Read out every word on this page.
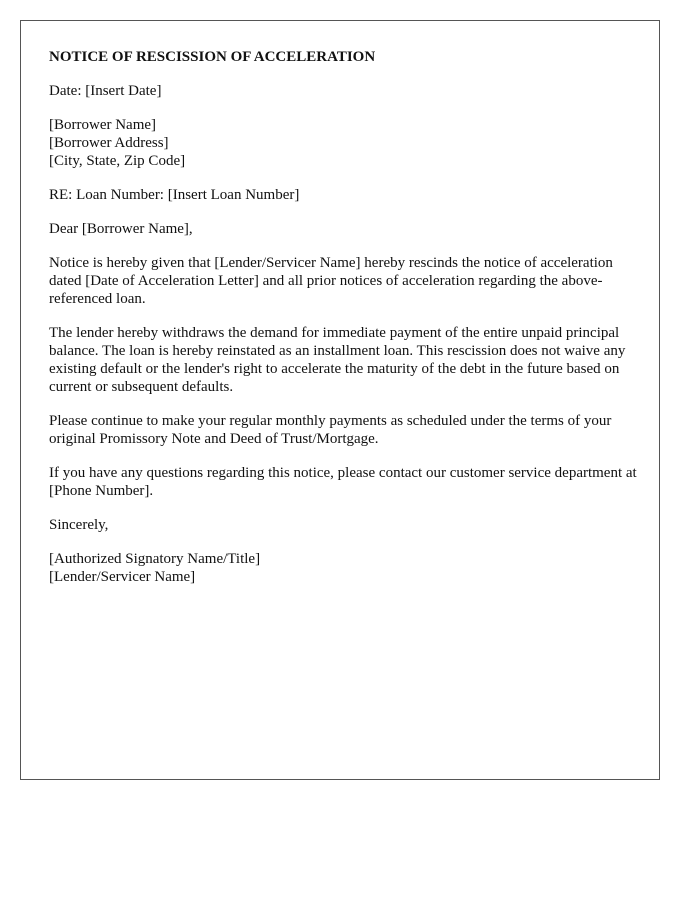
NOTICE OF RESCISSION OF ACCELERATION
Date: [Insert Date]
[Borrower Name]
[Borrower Address]
[City, State, Zip Code]
RE: Loan Number: [Insert Loan Number]
Dear [Borrower Name],
Notice is hereby given that [Lender/Servicer Name] hereby rescinds the notice of acceleration dated [Date of Acceleration Letter] and all prior notices of acceleration regarding the above-referenced loan.
The lender hereby withdraws the demand for immediate payment of the entire unpaid principal balance. The loan is hereby reinstated as an installment loan. This rescission does not waive any existing default or the lender's right to accelerate the maturity of the debt in the future based on current or subsequent defaults.
Please continue to make your regular monthly payments as scheduled under the terms of your original Promissory Note and Deed of Trust/Mortgage.
If you have any questions regarding this notice, please contact our customer service department at [Phone Number].
Sincerely,
[Authorized Signatory Name/Title]
[Lender/Servicer Name]
